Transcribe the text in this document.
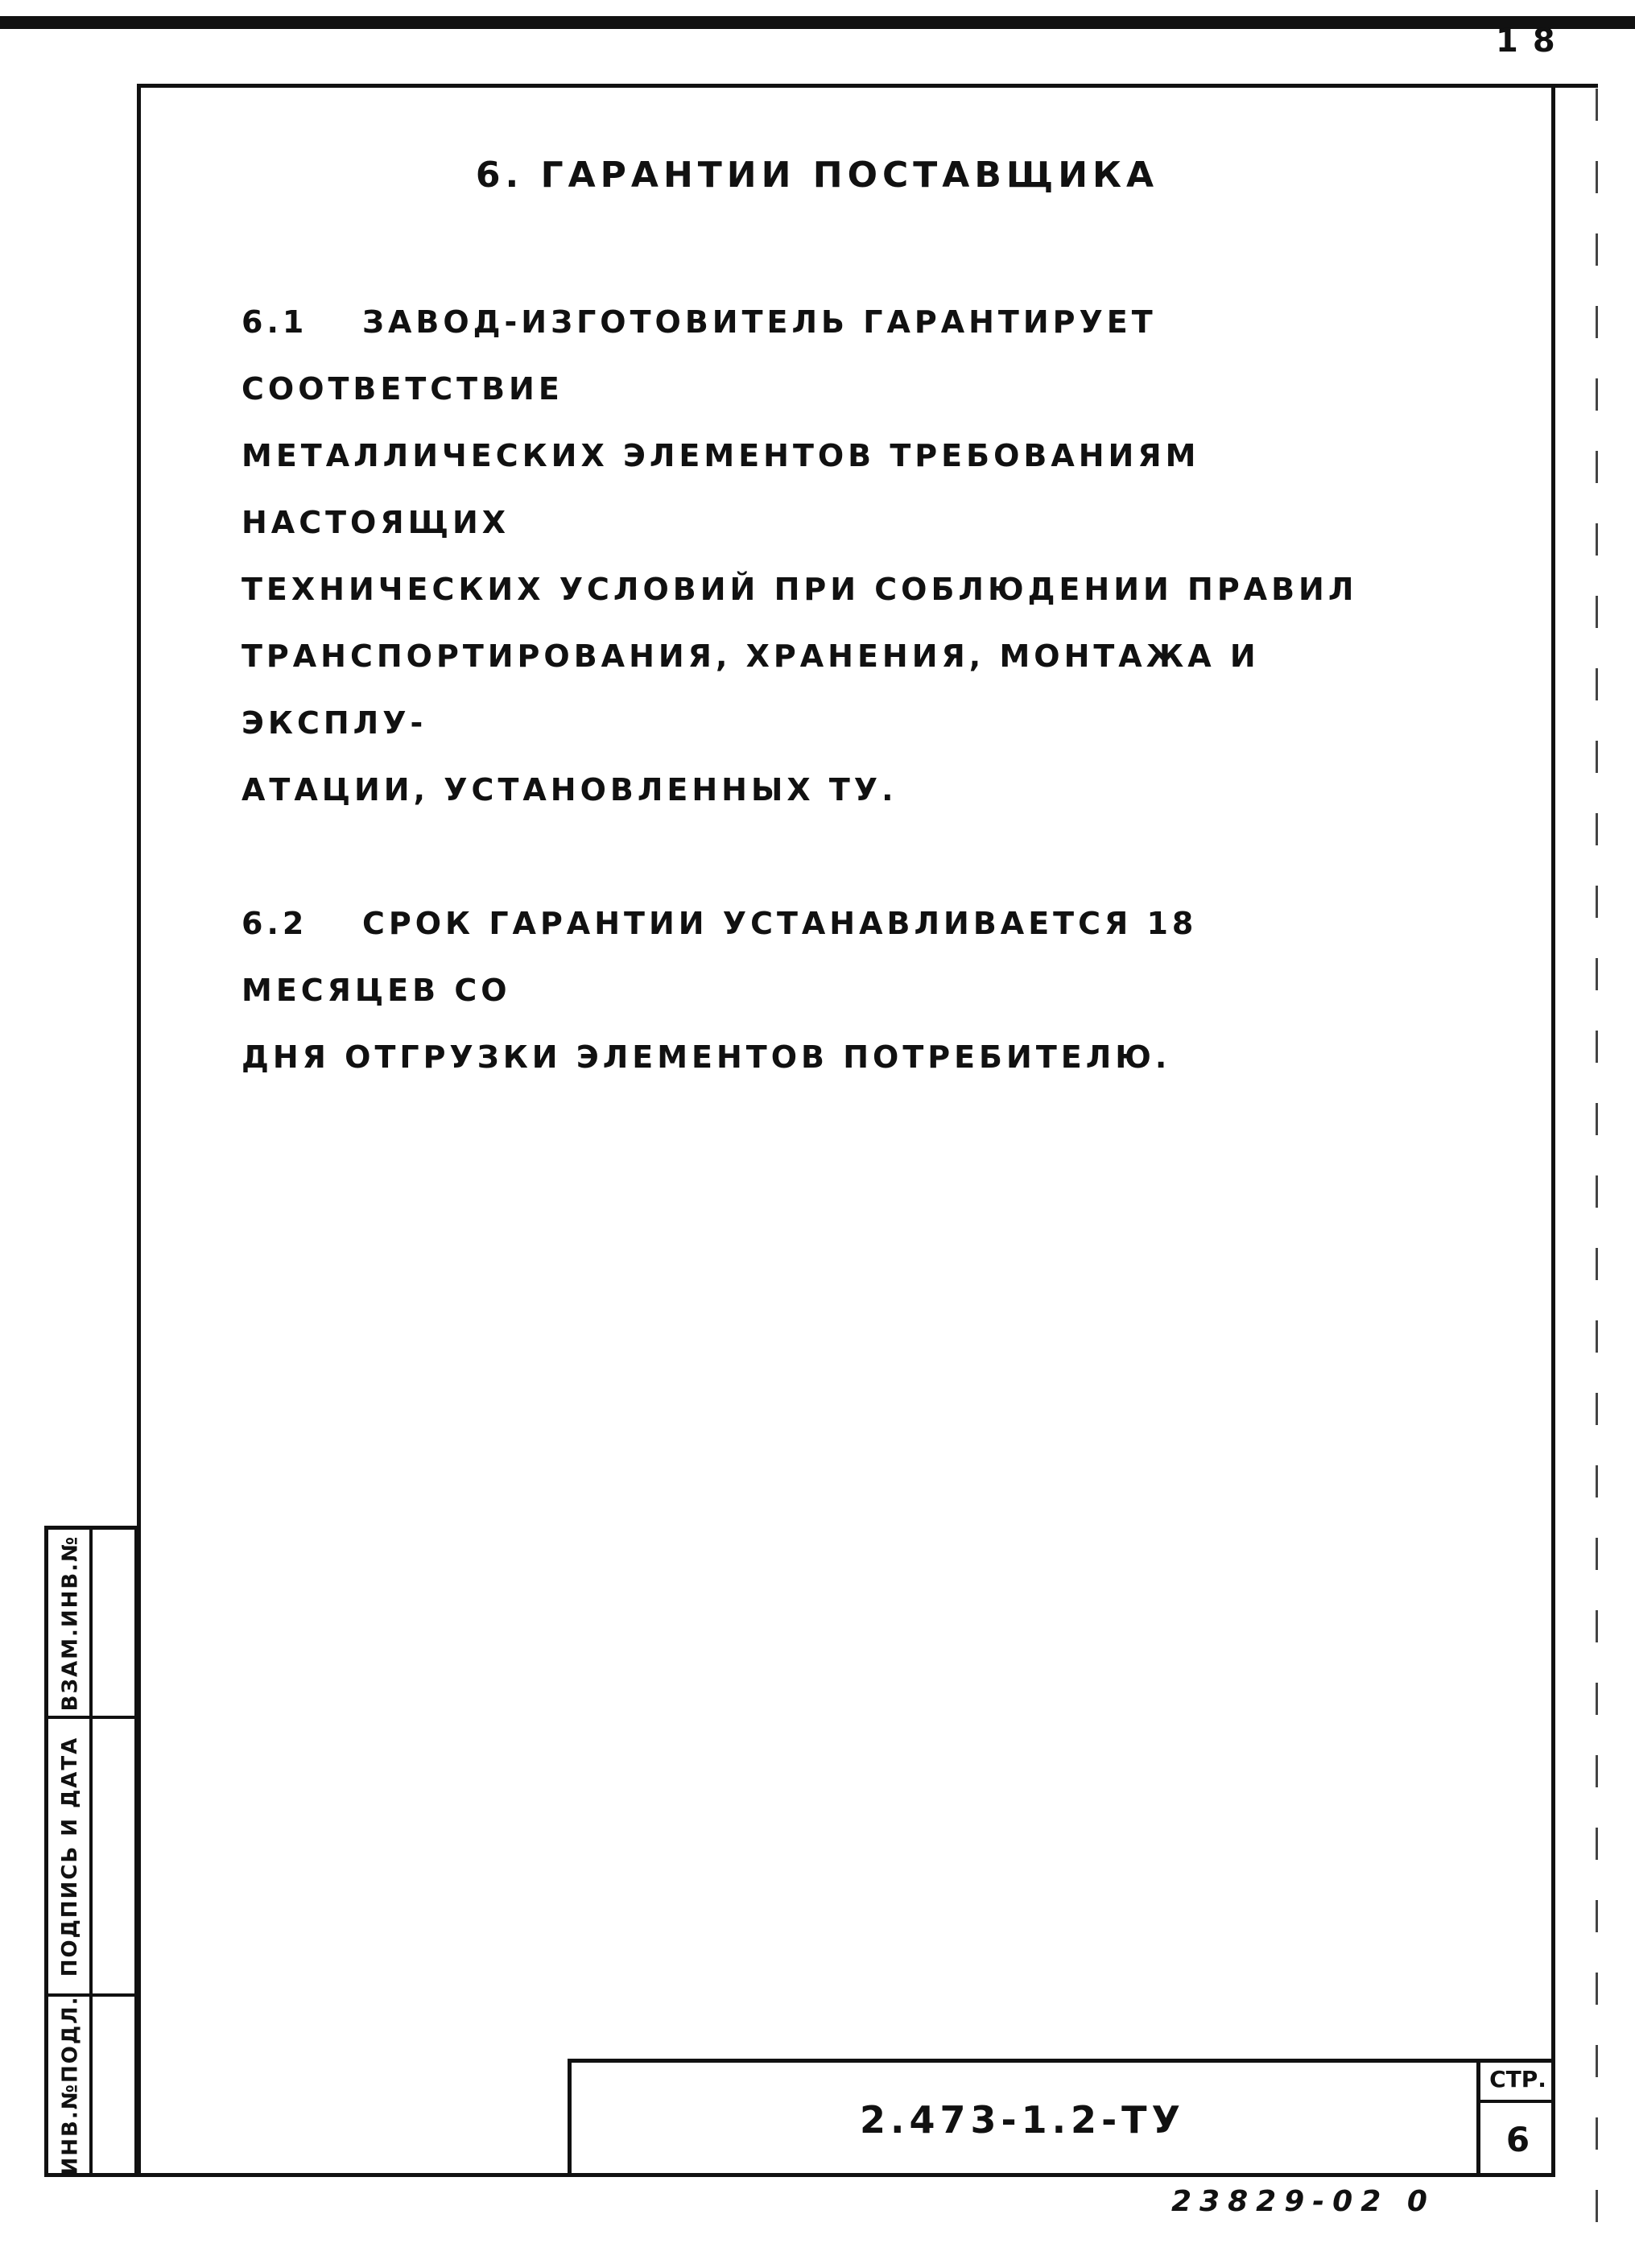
18
6. ГАРАНТИИ ПОСТАВЩИКА

6.1 ЗАВОД-ИЗГОТОВИТЕЛЬ ГАРАНТИРУЕТ СООТВЕТСТВИЕ

МЕТАЛЛИЧЕСКИХ ЭЛЕМЕНТОВ ТРЕБОВАНИЯМ НАСТОЯЩИХ
ТЕХНИЧЕСКИХ УСЛОВИЙ ПРИ СОБЛЮДЕНИИ ПРАВИЛ
ТРАНСПОРТИРОВАНИЯ, ХРАНЕНИЯ, МОНТАЖА И ЭКСПЛУ-
АТАЦИИ, УСТАНОВЛЕННЫХ ТУ.

6.2 СРОК ГАРАНТИИ УСТАНАВЛИВАЕТСЯ 18 МЕСЯЦЕВ СО

ДНЯ ОТГРУЗКИ ЭЛЕМЕНТОВ ПОТРЕБИТЕЛЮ.

ВЗАМ.ИНВ.№
ПОДПИСЬ И ДАТА
ИНВ.№ПОДЛ.	2.473-1.2-ТУ
СТР.
6
23829-02 0
